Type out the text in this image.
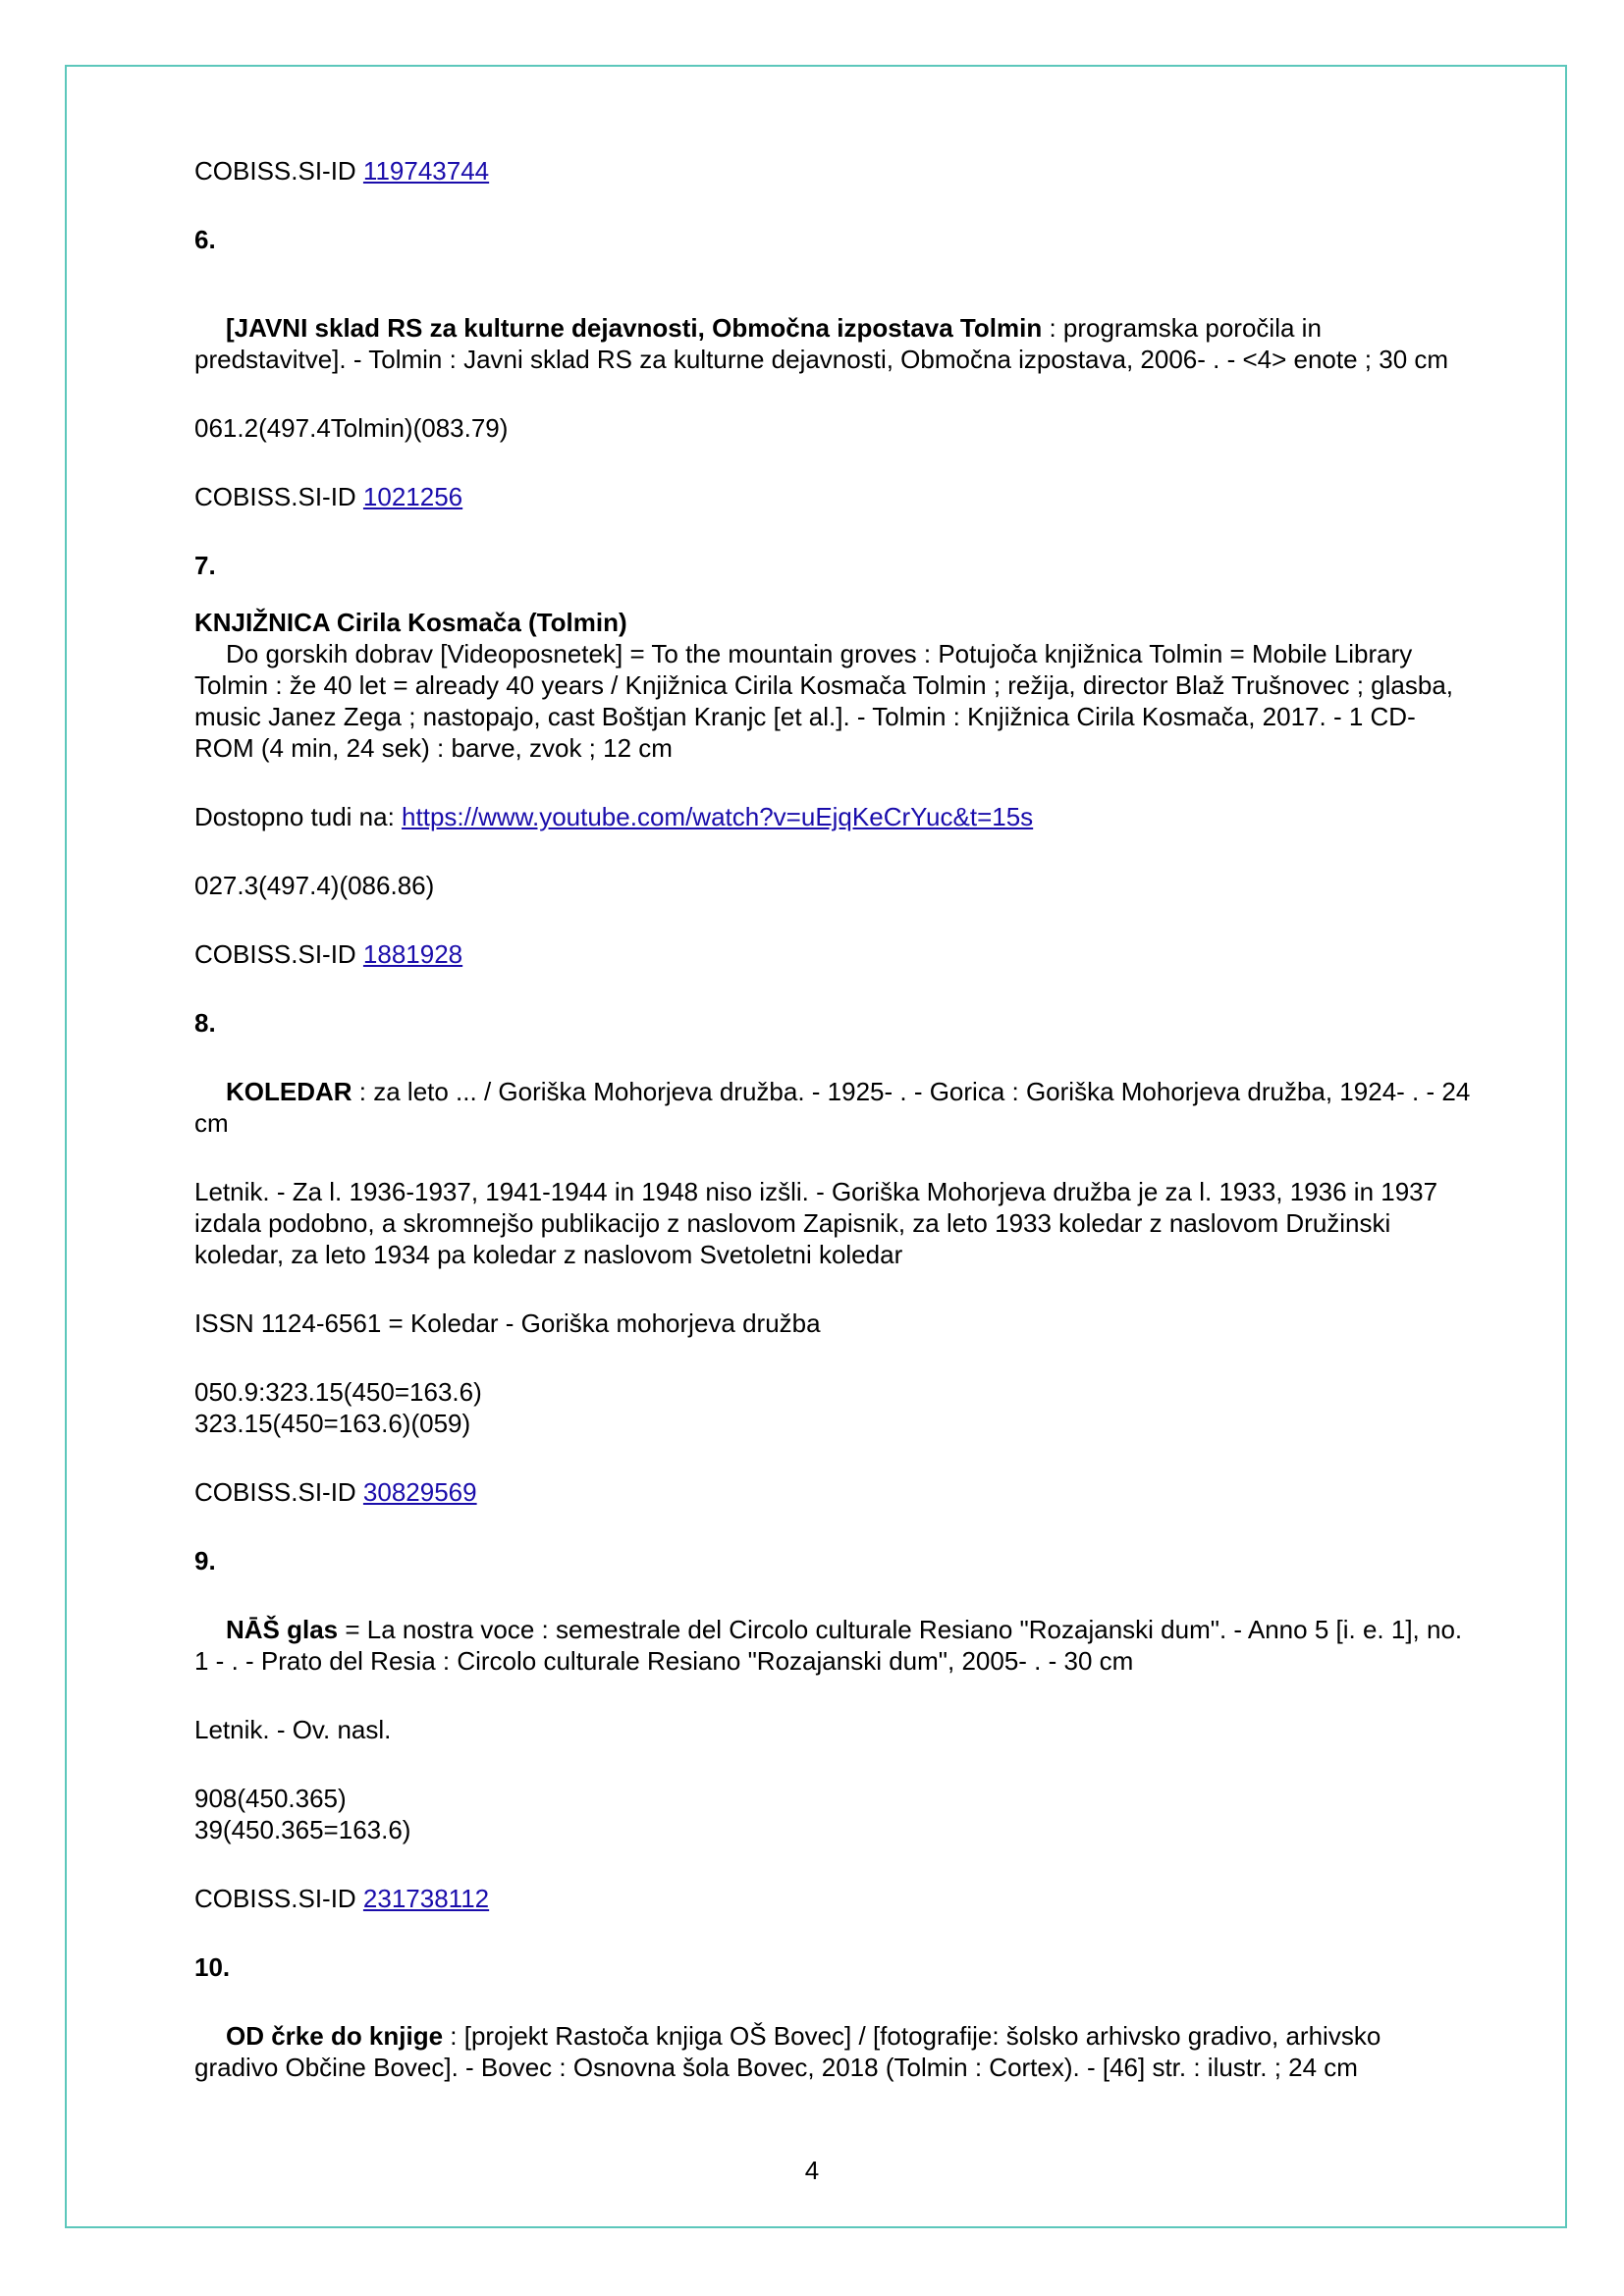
COBISS.SI-ID 119743744

6.

[JAVNI sklad RS za kulturne dejavnosti, Območna izpostava Tolmin : programska poročila in predstavitve]. - Tolmin : Javni sklad RS za kulturne dejavnosti, Območna izpostava, 2006- . - <4> enote ; 30 cm

061.2(497.4Tolmin)(083.79)

COBISS.SI-ID 1021256

7.

KNJIŽNICA Cirila Kosmača (Tolmin)

Do gorskih dobrav [Videoposnetek] = To the mountain groves : Potujoča knjižnica Tolmin = Mobile Library Tolmin : že 40 let = already 40 years / Knjižnica Cirila Kosmača Tolmin ; režija, director Blaž Trušnovec ; glasba, music Janez Zega ; nastopajo, cast Boštjan Kranjc [et al.]. - Tolmin : Knjižnica Cirila Kosmača, 2017. - 1 CD-ROM (4 min, 24 sek) : barve, zvok ; 12 cm

Dostopno tudi na: https://www.youtube.com/watch?v=uEjqKeCrYuc&t=15s

027.3(497.4)(086.86)

COBISS.SI-ID 1881928

8.

KOLEDAR : za leto ... / Goriška Mohorjeva družba. - 1925- . - Gorica : Goriška Mohorjeva družba, 1924- . - 24 cm

Letnik. - Za l. 1936-1937, 1941-1944 in 1948 niso izšli. - Goriška Mohorjeva družba je za l. 1933, 1936 in 1937 izdala podobno, a skromnejšo publikacijo z naslovom Zapisnik, za leto 1933 koledar z naslovom Družinski koledar, za leto 1934 pa koledar z naslovom Svetoletni koledar

ISSN 1124-6561 = Koledar - Goriška mohorjeva družba

050.9:323.15(450=163.6)

323.15(450=163.6)(059)

COBISS.SI-ID 30829569

9.

NĀŠ glas = La nostra voce : semestrale del Circolo culturale Resiano "Rozajanski dum". - Anno 5 [i. e. 1], no. 1 - . - Prato del Resia : Circolo culturale Resiano "Rozajanski dum", 2005- . - 30 cm

Letnik. - Ov. nasl.

908(450.365)

39(450.365=163.6)

COBISS.SI-ID 231738112

10.

OD črke do knjige : [projekt Rastoča knjiga OŠ Bovec] / [fotografije: šolsko arhivsko gradivo, arhivsko gradivo Občine Bovec]. - Bovec : Osnovna šola Bovec, 2018 (Tolmin : Cortex). - [46] str. : ilustr. ; 24 cm

4
